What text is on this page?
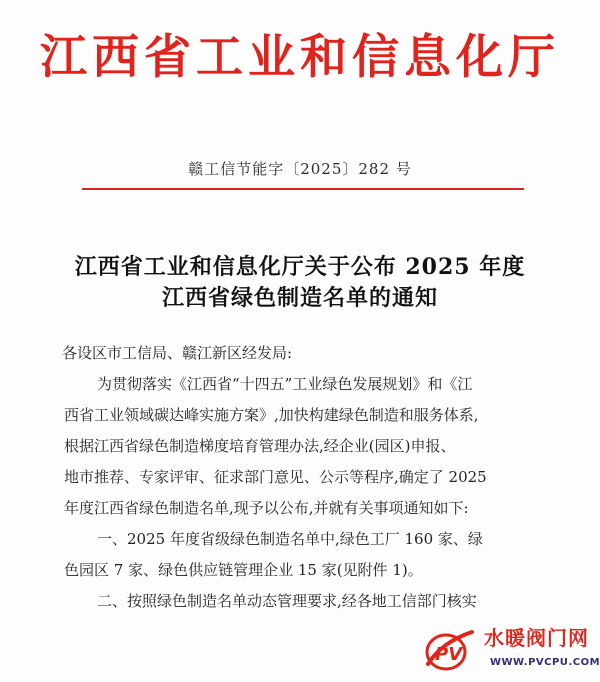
江西省工业和信息化厅
赣工信节能字〔2025〕282 号
江西省工业和信息化厅关于公布 2025 年度
江西省绿色制造名单的通知
各设区市工信局、赣江新区经发局:
为贯彻落实《江西省“十四五”工业绿色发展规划》和《江
西省工业领域碳达峰实施方案》,加快构建绿色制造和服务体系,
根据江西省绿色制造梯度培育管理办法,经企业(园区)申报、
地市推荐、专家评审、征求部门意见、公示等程序,确定了 2025
年度江西省绿色制造名单,现予以公布,并就有关事项通知如下:
一、2025 年度省级绿色制造名单中,绿色工厂 160 家、绿
色园区 7 家、绿色供应链管理企业 15 家(见附件 1)。
二、按照绿色制造名单动态管理要求,经各地工信部门核实
PV
水暖阀门网
WWW.PVCPU.COM
